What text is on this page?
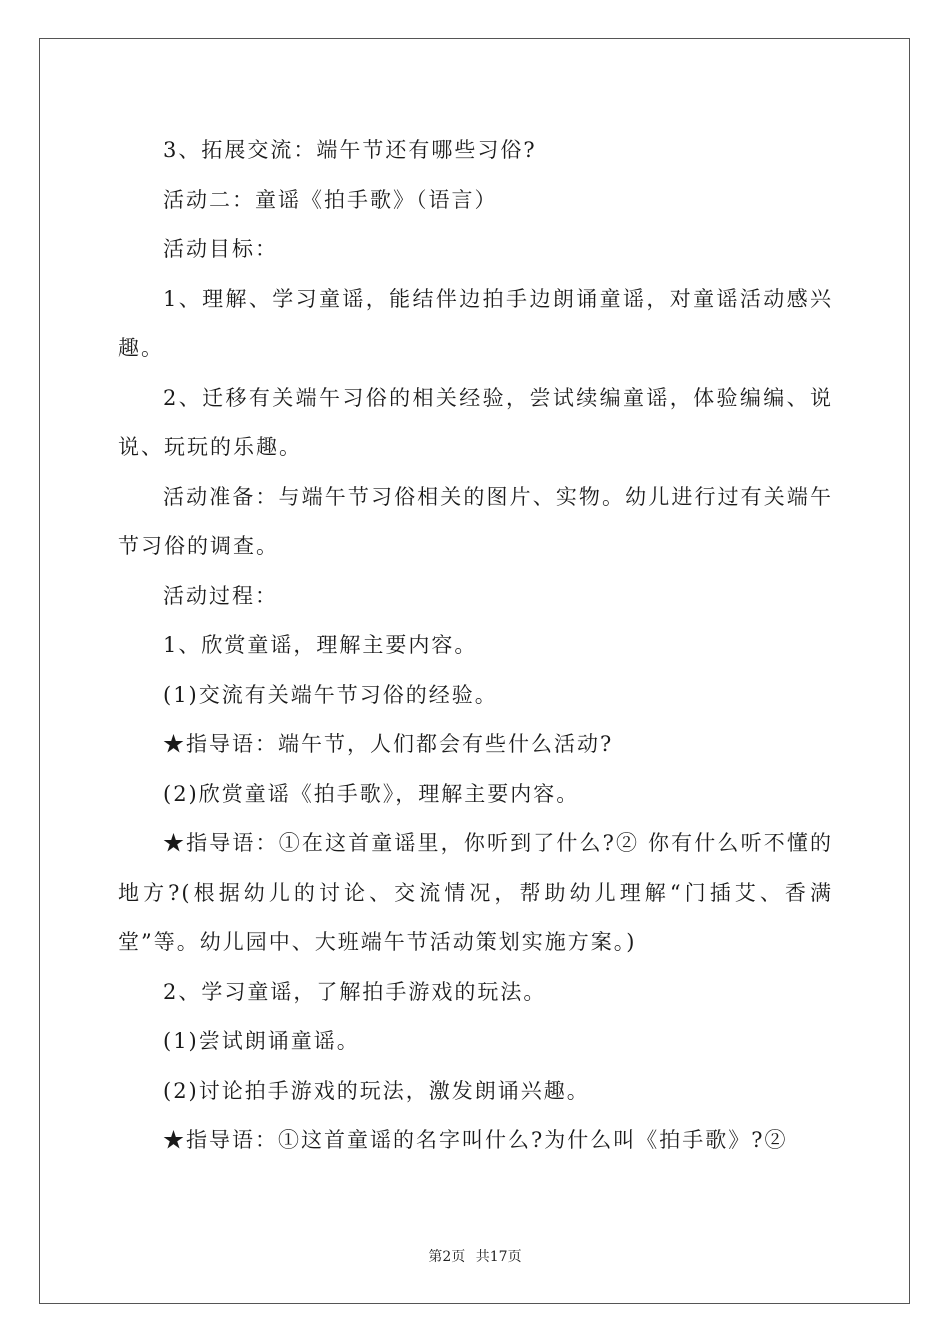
3、拓展交流：端午节还有哪些习俗?

活动二：童谣《拍手歌》（语言）

活动目标：

1、理解、学习童谣，能结伴边拍手边朗诵童谣，对童谣活动感兴趣。

2、迁移有关端午习俗的相关经验，尝试续编童谣，体验编编、说说、玩玩的乐趣。

活动准备：与端午节习俗相关的图片、实物。幼儿进行过有关端午节习俗的调查。

活动过程：

1、欣赏童谣，理解主要内容。

(1)交流有关端午节习俗的经验。

★指导语：端午节，人们都会有些什么活动?

(2)欣赏童谣《拍手歌》，理解主要内容。

★指导语：①在这首童谣里，你听到了什么?② 你有什么听不懂的地方?(根据幼儿的讨论、交流情况，帮助幼儿理解“门插艾、香满堂”等。幼儿园中、大班端午节活动策划实施方案。)

2、学习童谣，了解拍手游戏的玩法。

(1)尝试朗诵童谣。

(2)讨论拍手游戏的玩法，激发朗诵兴趣。

★指导语：①这首童谣的名字叫什么?为什么叫《拍手歌》?②

第2页 共17页
